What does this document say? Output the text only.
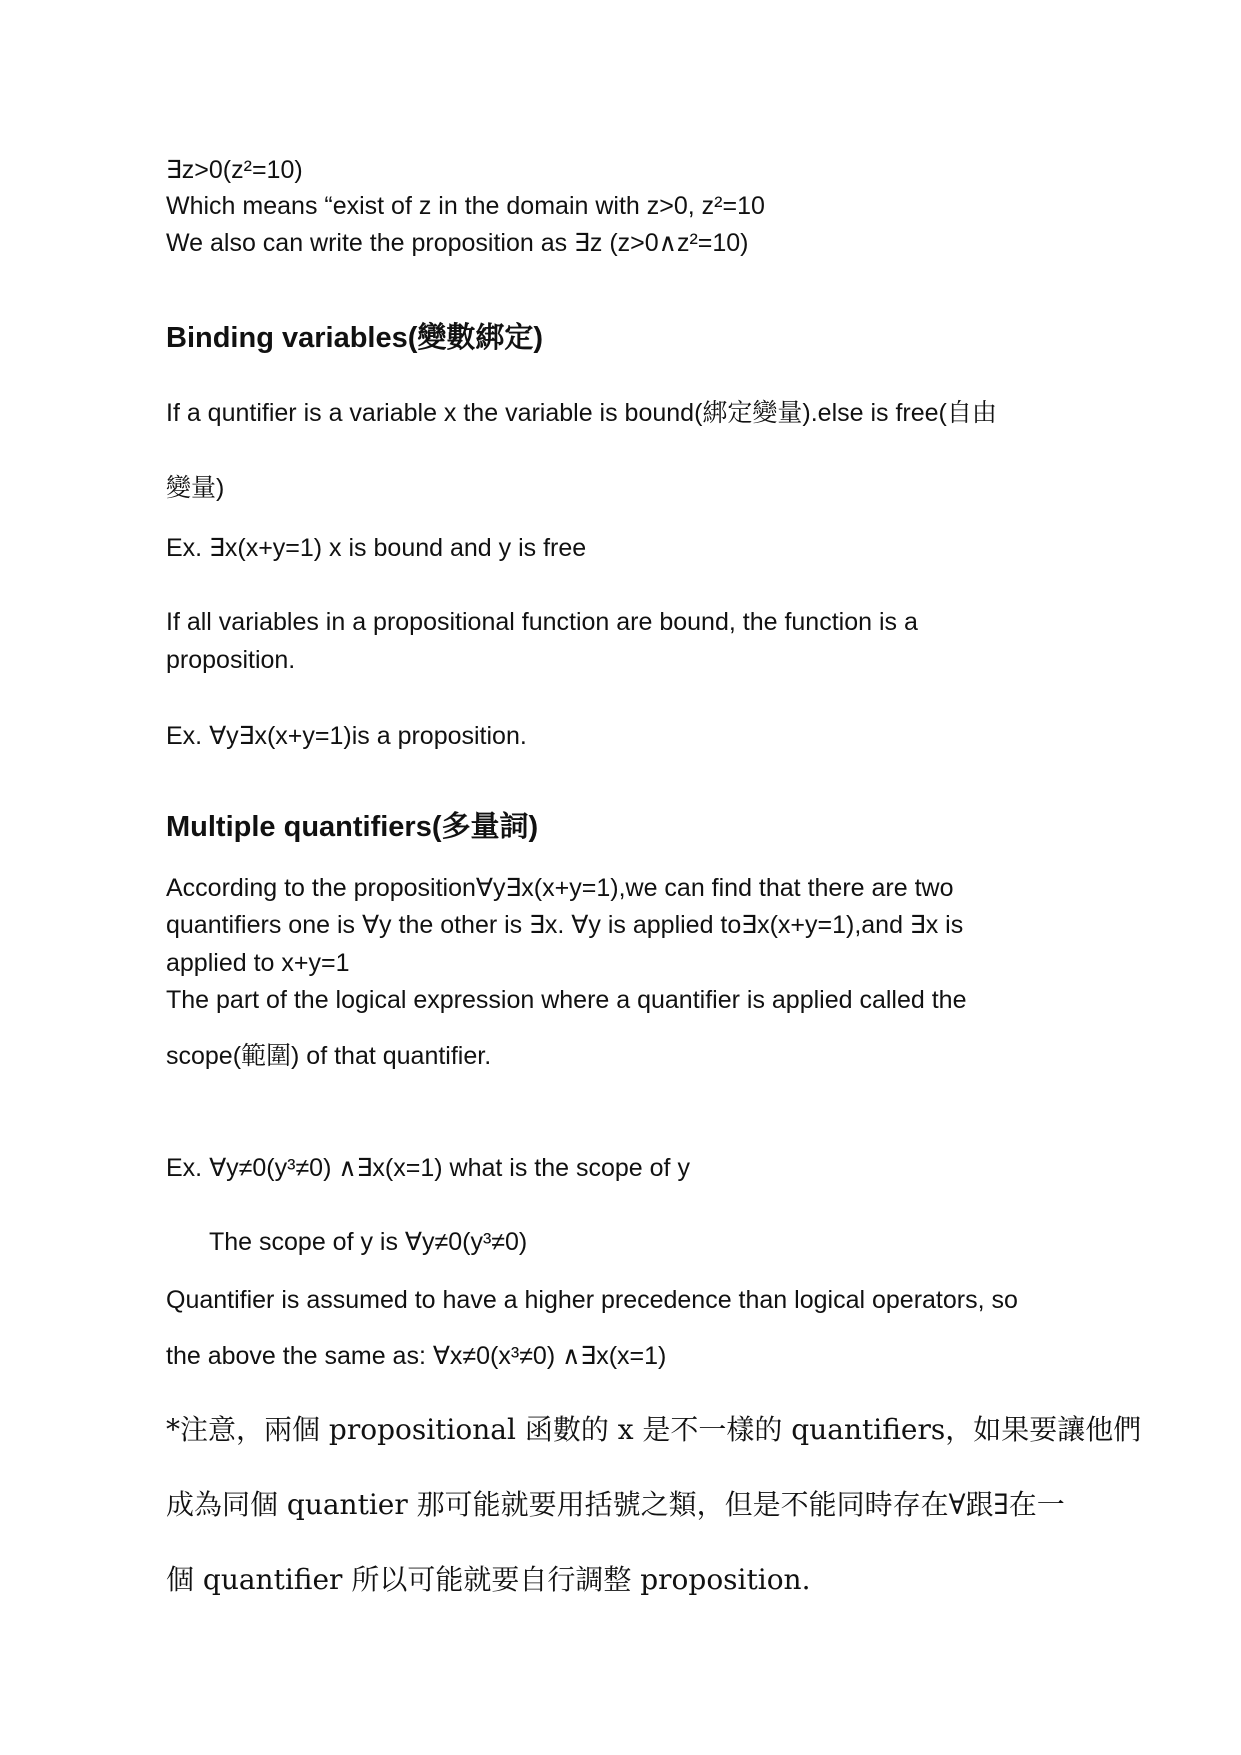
∃z>0(z²=10)

Which means “exist of z in the domain with z>0, z²=10

We also can write the proposition as ∃z (z>0∧z²=10)

Binding variables(變數綁定)

If a quntifier is a variable x the variable is bound(綁定變量).else is free(自由

變量)

Ex. ∃x(x+y=1) x is bound and y is free

If all variables in a propositional function are bound, the function is a

proposition.

Ex. ∀y∃x(x+y=1)is a proposition.

Multiple quantifiers(多量詞)

According to the proposition∀y∃x(x+y=1),we can find that there are two

quantifiers one is ∀y the other is ∃x. ∀y is applied to∃x(x+y=1),and ∃x is

applied to x+y=1

The part of the logical expression where a quantifier is applied called the

scope(範圍) of that quantifier.

Ex. ∀y≠0(y³≠0) ∧∃x(x=1) what is the scope of y

The scope of y is ∀y≠0(y³≠0)

Quantifier is assumed to have a higher precedence than logical operators, so

the above the same as: ∀x≠0(x³≠0) ∧∃x(x=1)

*注意，兩個 propositional 函數的 x 是不一樣的 quantifiers，如果要讓他們

成為同個 quantier 那可能就要用括號之類，但是不能同時存在∀跟∃在一

個 quantifier 所以可能就要自行調整 proposition.
